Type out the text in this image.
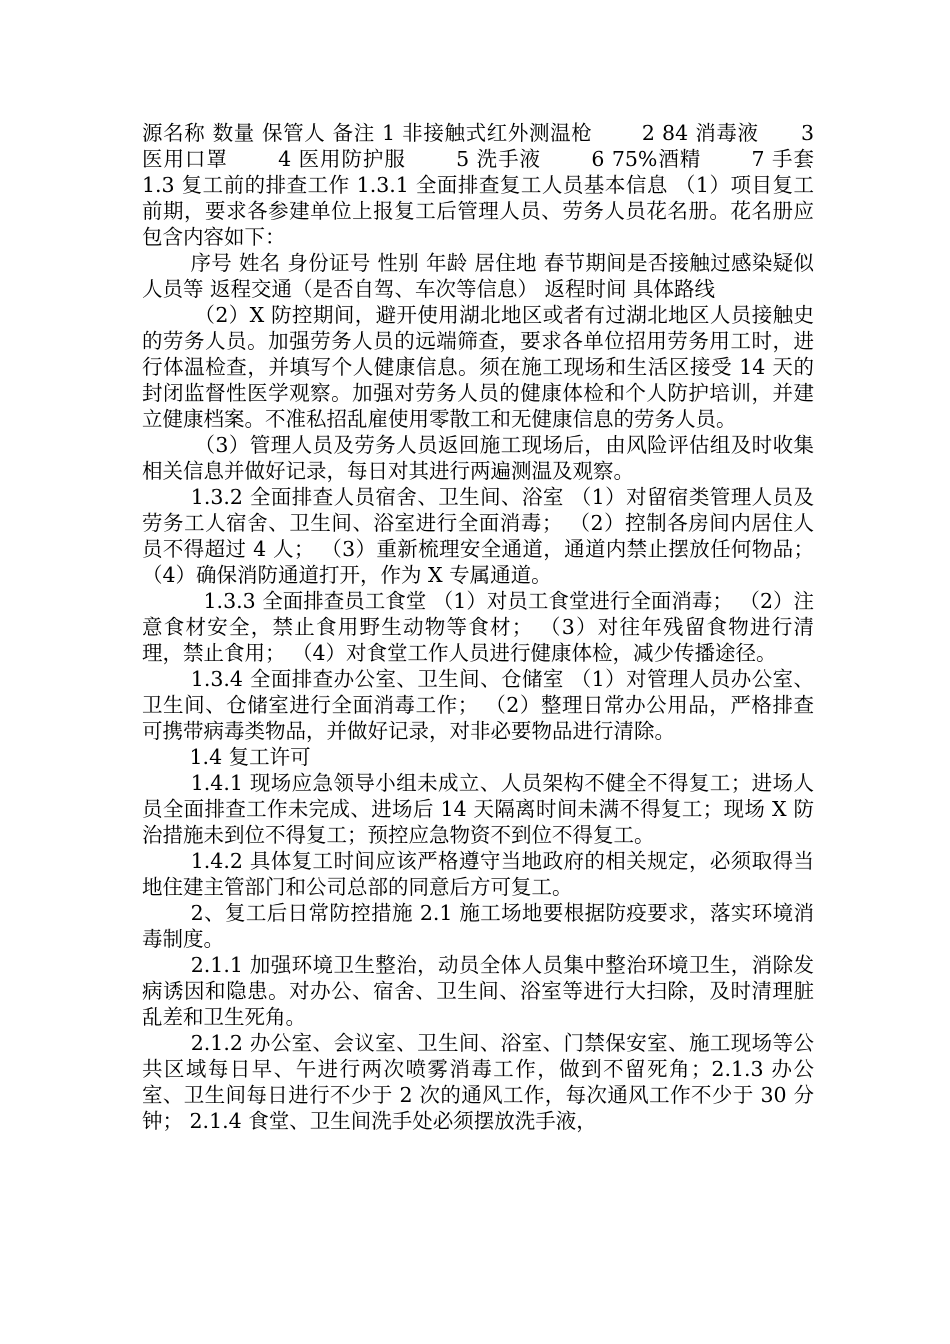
源名称 数量 保管人 备注 1 非接触式红外测温枪　　 2 84 消毒液　　3 医用口罩　　 4 医用防护服　　 5 洗手液　　 6 75%酒精　　 7 手套　　　 1.3 复工前的排查工作 1.3.1 全面排查复工人员基本信息 （1）项目复工前期，要求各参建单位上报复工后管理人员、劳务人员花名册。花名册应包含内容如下：

　　 序号 姓名 身份证号 性别 年龄 居住地 春节期间是否接触过感染疑似人员等 返程交通（是否自驾、车次等信息） 返程时间 具体路线

　　　（2）X 防控期间，避开使用湖北地区或者有过湖北地区人员接触史的劳务人员。加强劳务人员的远端筛查，要求各单位招用劳务用工时，进行体温检查，并填写个人健康信息。须在施工现场和生活区接受 14 天的封闭监督性医学观察。加强对劳务人员的健康体检和个人防护培训，并建立健康档案。不准私招乱雇使用零散工和无健康信息的劳务人员。

　　　（3）管理人员及劳务人员返回施工现场后，由风险评估组及时收集相关信息并做好记录，每日对其进行两遍测温及观察。

　　 1.3.2 全面排查人员宿舍、卫生间、浴室 （1）对留宿类管理人员及劳务工人宿舍、卫生间、浴室进行全面消毒； （2）控制各房间内居住人员不得超过 4 人； （3）重新梳理安全通道，通道内禁止摆放任何物品； （4）确保消防通道打开，作为 X 专属通道。

　　　1.3.3 全面排查员工食堂 （1）对员工食堂进行全面消毒； （2）注意食材安全，禁止食用野生动物等食材； （3）对往年残留食物进行清理，禁止食用； （4）对食堂工作人员进行健康体检，减少传播途径。

　　 1.3.4 全面排查办公室、卫生间、仓储室 （1）对管理人员办公室、卫生间、仓储室进行全面消毒工作； （2）整理日常办公用品，严格排查可携带病毒类物品，并做好记录，对非必要物品进行清除。

　　 1.4 复工许可

　　 1.4.1 现场应急领导小组未成立、人员架构不健全不得复工；进场人员全面排查工作未完成、进场后 14 天隔离时间未满不得复工；现场 X 防治措施未到位不得复工；预控应急物资不到位不得复工。

　　 1.4.2 具体复工时间应该严格遵守当地政府的相关规定，必须取得当地住建主管部门和公司总部的同意后方可复工。

　　 2、复工后日常防控措施 2.1 施工场地要根据防疫要求，落实环境消毒制度。

　　 2.1.1 加强环境卫生整治，动员全体人员集中整治环境卫生，消除发病诱因和隐患。对办公、宿舍、卫生间、浴室等进行大扫除，及时清理脏乱差和卫生死角。

　　 2.1.2 办公室、会议室、卫生间、浴室、门禁保安室、施工现场等公共区域每日早、午进行两次喷雾消毒工作，做到不留死角；2.1.3 办公室、卫生间每日进行不少于 2 次的通风工作，每次通风工作不少于 30 分钟； 2.1.4 食堂、卫生间洗手处必须摆放洗手液，
